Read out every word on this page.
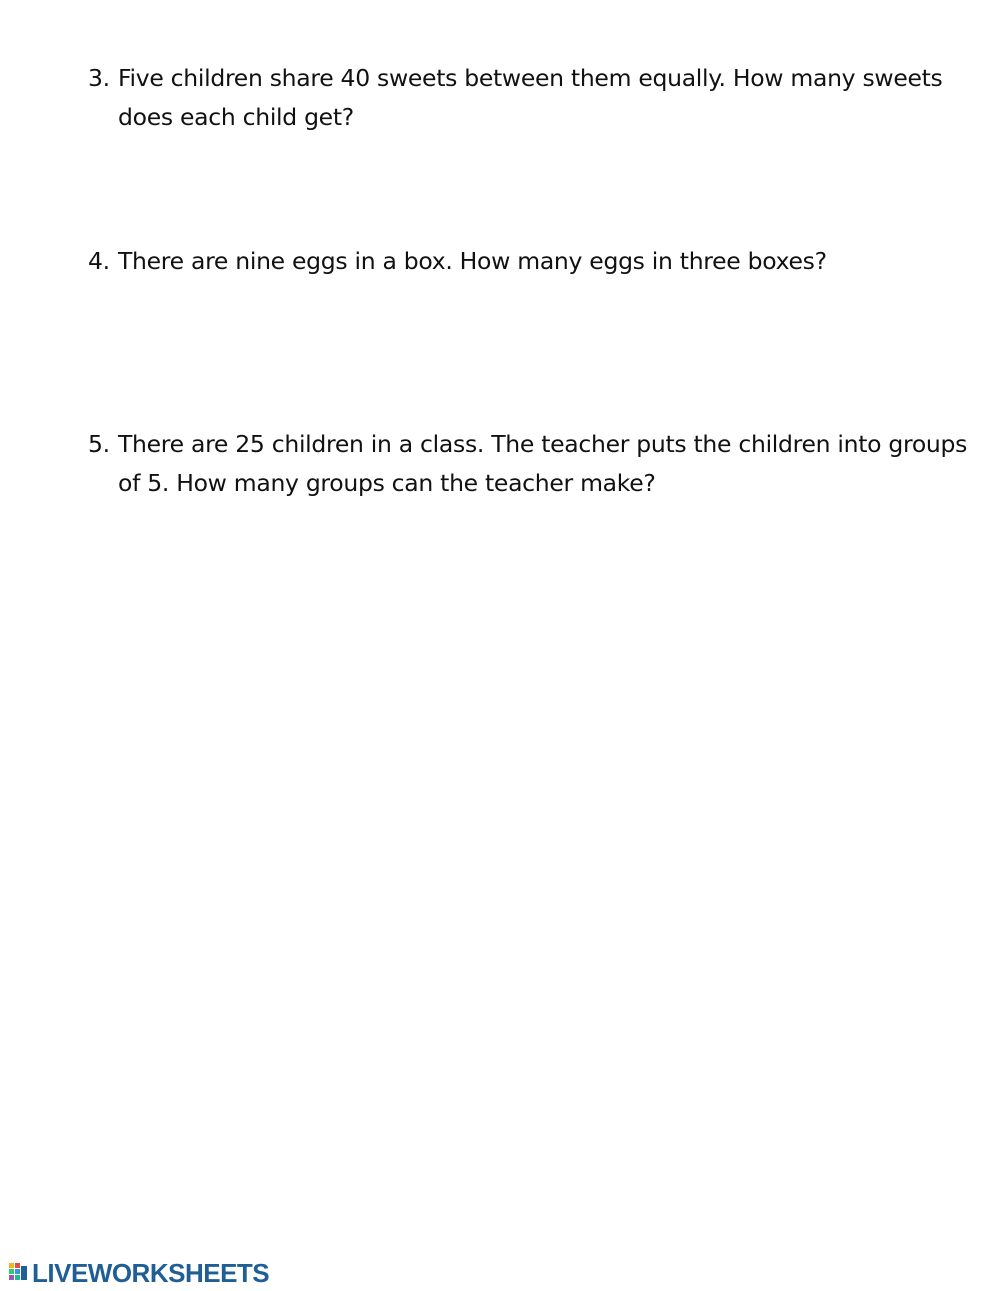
3. Five children share 40 sweets between them equally. How many sweets does each child get?
4. There are nine eggs in a box. How many eggs in three boxes?
5. There are 25 children in a class. The teacher puts the children into groups of 5. How many groups can the teacher make?
LIVEWORKSHEETS
